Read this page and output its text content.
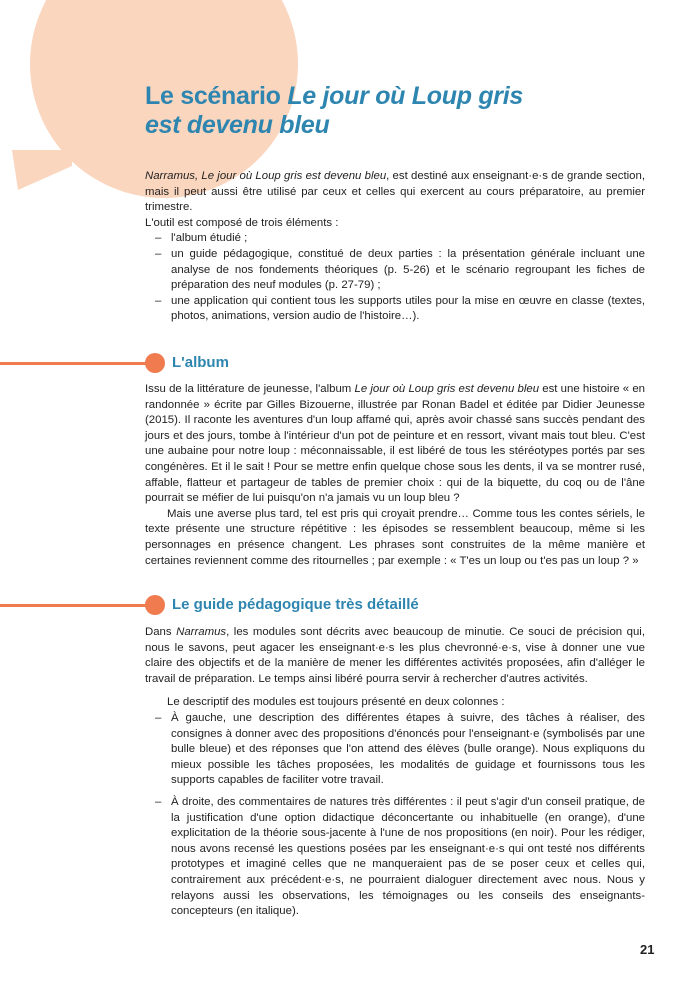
Le scénario Le jour où Loup gris
est devenu bleu

Narramus, Le jour où Loup gris est devenu bleu, est destiné aux enseignant·e·s de grande section, mais il peut aussi être utilisé par ceux et celles qui exercent au cours préparatoire, au premier trimestre.

L'outil est composé de trois éléments :

– l'album étudié ;
– un guide pédagogique, constitué de deux parties : la présentation générale incluant une analyse de nos fondements théoriques (p. 5-26) et le scénario regroupant les fiches de préparation des neuf modules (p. 27-79) ;
– une application qui contient tous les supports utiles pour la mise en œuvre en classe (textes, photos, animations, version audio de l'histoire…).
L'album

Issu de la littérature de jeunesse, l'album Le jour où Loup gris est devenu bleu est une histoire « en randonnée » écrite par Gilles Bizouerne, illustrée par Ronan Badel et éditée par Didier Jeunesse (2015). Il raconte les aventures d'un loup affamé qui, après avoir chassé sans succès pendant des jours et des jours, tombe à l'intérieur d'un pot de peinture et en ressort, vivant mais tout bleu. C'est une aubaine pour notre loup : méconnaissable, il est libéré de tous les stéréotypes portés par ses congénères. Et il le sait ! Pour se mettre enfin quelque chose sous les dents, il va se montrer rusé, affable, flatteur et partageur de tables de premier choix : qui de la biquette, du coq ou de l'âne pourrait se méfier de lui puisqu'on n'a jamais vu un loup bleu ?

Mais une averse plus tard, tel est pris qui croyait prendre… Comme tous les contes sériels, le texte présente une structure répétitive : les épisodes se ressemblent beaucoup, même si les personnages en présence changent. Les phrases sont construites de la même manière et certaines reviennent comme des ritournelles ; par exemple : « T'es un loup ou t'es pas un loup ? »

Le guide pédagogique très détaillé

Dans Narramus, les modules sont décrits avec beaucoup de minutie. Ce souci de précision qui, nous le savons, peut agacer les enseignant·e·s les plus chevronné·e·s, vise à donner une vue claire des objectifs et de la manière de mener les différentes activités proposées, afin d'alléger le travail de préparation. Le temps ainsi libéré pourra servir à rechercher d'autres activités.

Le descriptif des modules est toujours présenté en deux colonnes :

– À gauche, une description des différentes étapes à suivre, des tâches à réaliser, des consignes à donner avec des propositions d'énoncés pour l'enseignant·e (symbolisés par une bulle bleue) et des réponses que l'on attend des élèves (bulle orange). Nous expliquons du mieux possible les tâches proposées, les modalités de guidage et fournissons tous les supports capables de faciliter votre travail.
– À droite, des commentaires de natures très différentes : il peut s'agir d'un conseil pratique, de la justification d'une option didactique déconcertante ou inhabituelle (en orange), d'une explicitation de la théorie sous-jacente à l'une de nos propositions (en noir). Pour les rédiger, nous avons recensé les questions posées par les enseignant·e·s qui ont testé nos différents prototypes et imaginé celles que ne manqueraient pas de se poser ceux et celles qui, contrairement aux précédent·e·s, ne pourraient dialoguer directement avec nous. Nous y relayons aussi les observations, les témoignages ou les conseils des enseignants-concepteurs (en italique).

21
